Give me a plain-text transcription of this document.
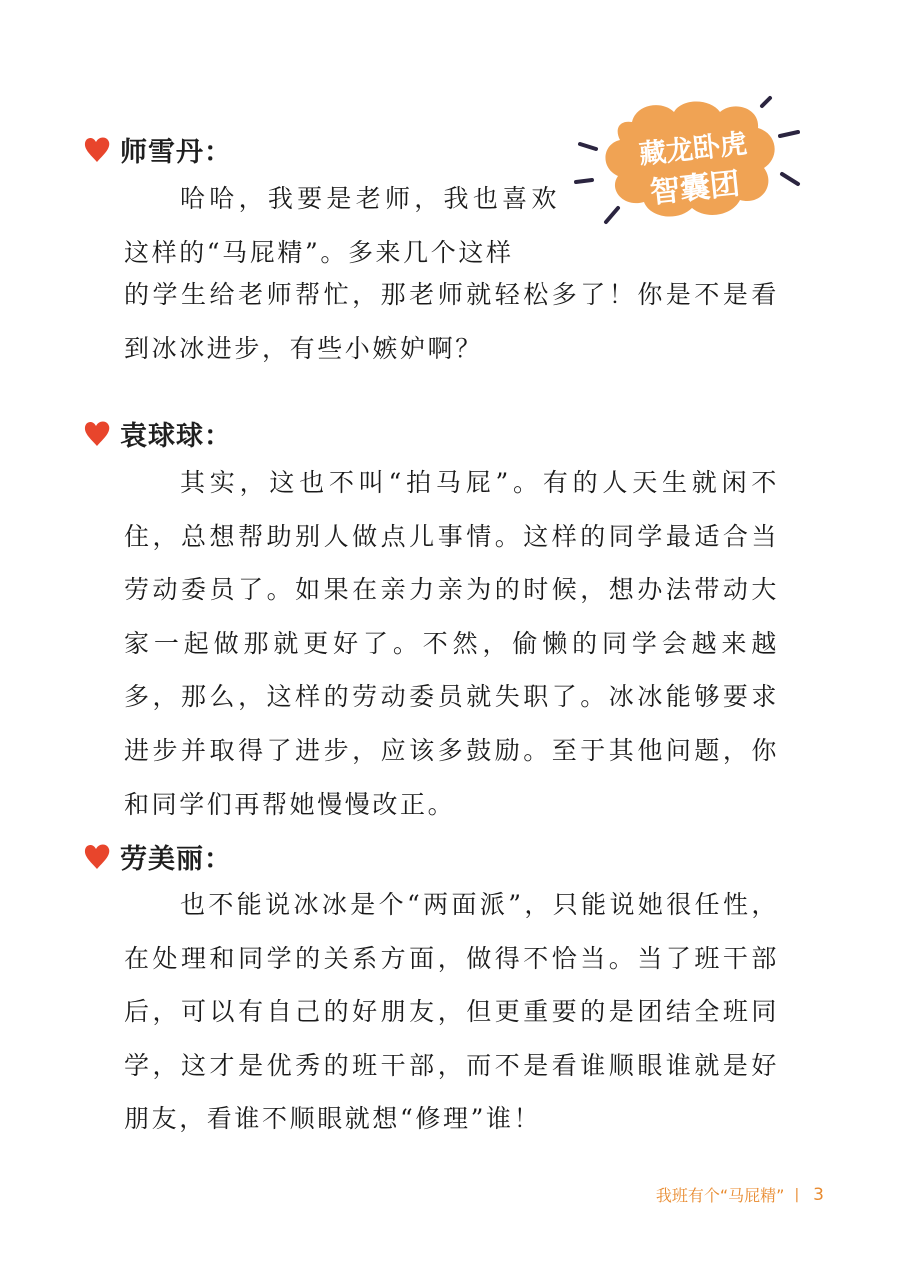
藏龙卧虎
智囊团
师雪丹：

哈哈，我要是老师，我也喜欢这样的“马屁精”。多来几个这样

的学生给老师帮忙，那老师就轻松多了！你是不是看到冰冰进步，有些小嫉妒啊？

袁球球：

其实，这也不叫“拍马屁”。有的人天生就闲不住，总想帮助别人做点儿事情。这样的同学最适合当劳动委员了。如果在亲力亲为的时候，想办法带动大家一起做那就更好了。不然，偷懒的同学会越来越多，那么，这样的劳动委员就失职了。冰冰能够要求进步并取得了进步，应该多鼓励。至于其他问题，你和同学们再帮她慢慢改正。

劳美丽：

也不能说冰冰是个“两面派”，只能说她很任性，在处理和同学的关系方面，做得不恰当。当了班干部后，可以有自己的好朋友，但更重要的是团结全班同学，这才是优秀的班干部，而不是看谁顺眼谁就是好朋友，看谁不顺眼就想“修理”谁！

我班有个“马屁精” | 3
